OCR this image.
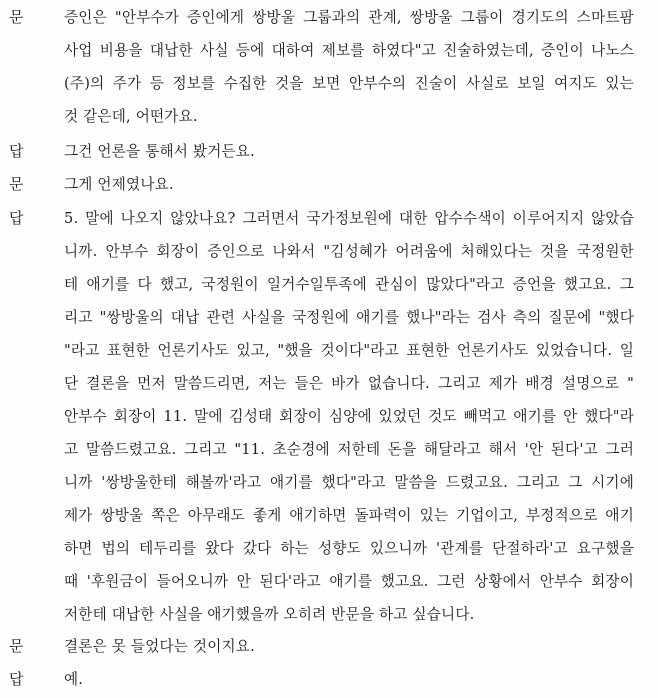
문	증인은 "안부수가 증인에게 쌍방울 그룹과의 관계, 쌍방울 그룹이 경기도의 스마트팜
사업 비용을 대납한 사실 등에 대하여 제보를 하였다"고 진술하였는데, 증인이 나노스
(주)의 주가 등 정보를 수집한 것을 보면 안부수의 진술이 사실로 보일 여지도 있는
것 같은데, 어떤가요.
답	그건 언론을 통해서 봤거든요.
문	그게 언제였나요.
답	5. 말에 나오지 않았나요? 그러면서 국가정보원에 대한 압수수색이 이루어지지 않았습
니까. 안부수 회장이 증인으로 나와서 "김성혜가 어려움에 처해있다는 것을 국정원한
테 애기를 다 했고, 국정원이 일거수일투족에 관심이 많았다"라고 증언을 했고요. 그
리고 "쌍방울의 대납 관련 사실을 국정원에 애기를 했나"라는 검사 측의 질문에 "했다
"라고 표현한 언론기사도 있고, "했을 것이다"라고 표현한 언론기사도 있었습니다. 일
단 결론을 먼저 말씀드리면, 저는 들은 바가 없습니다. 그리고 제가 배경 설명으로 "
안부수 회장이 11. 말에 김성태 회장이 심양에 있었던 것도 빼먹고 애기를 안 했다"라
고 말씀드렸고요. 그리고 "11. 초순경에 저한테 돈을 해달라고 해서 '안 된다'고 그러
니까 '쌍방울한테 해볼까'라고 애기를 했다"라고 말씀을 드렸고요. 그리고 그 시기에
제가 쌍방울 쪽은 아무래도 좋게 애기하면 돌파력이 있는 기업이고, 부정적으로 애기
하면 법의 테두리를 왔다 갔다 하는 성향도 있으니까 '관계를 단절하라'고 요구했을
때 '후원금이 들어오니까 안 된다'라고 애기를 했고요. 그런 상황에서 안부수 회장이
저한테 대납한 사실을 애기했을까 오히려 반문을 하고 싶습니다.
문	결론은 못 들었다는 것이지요.
답	예.
